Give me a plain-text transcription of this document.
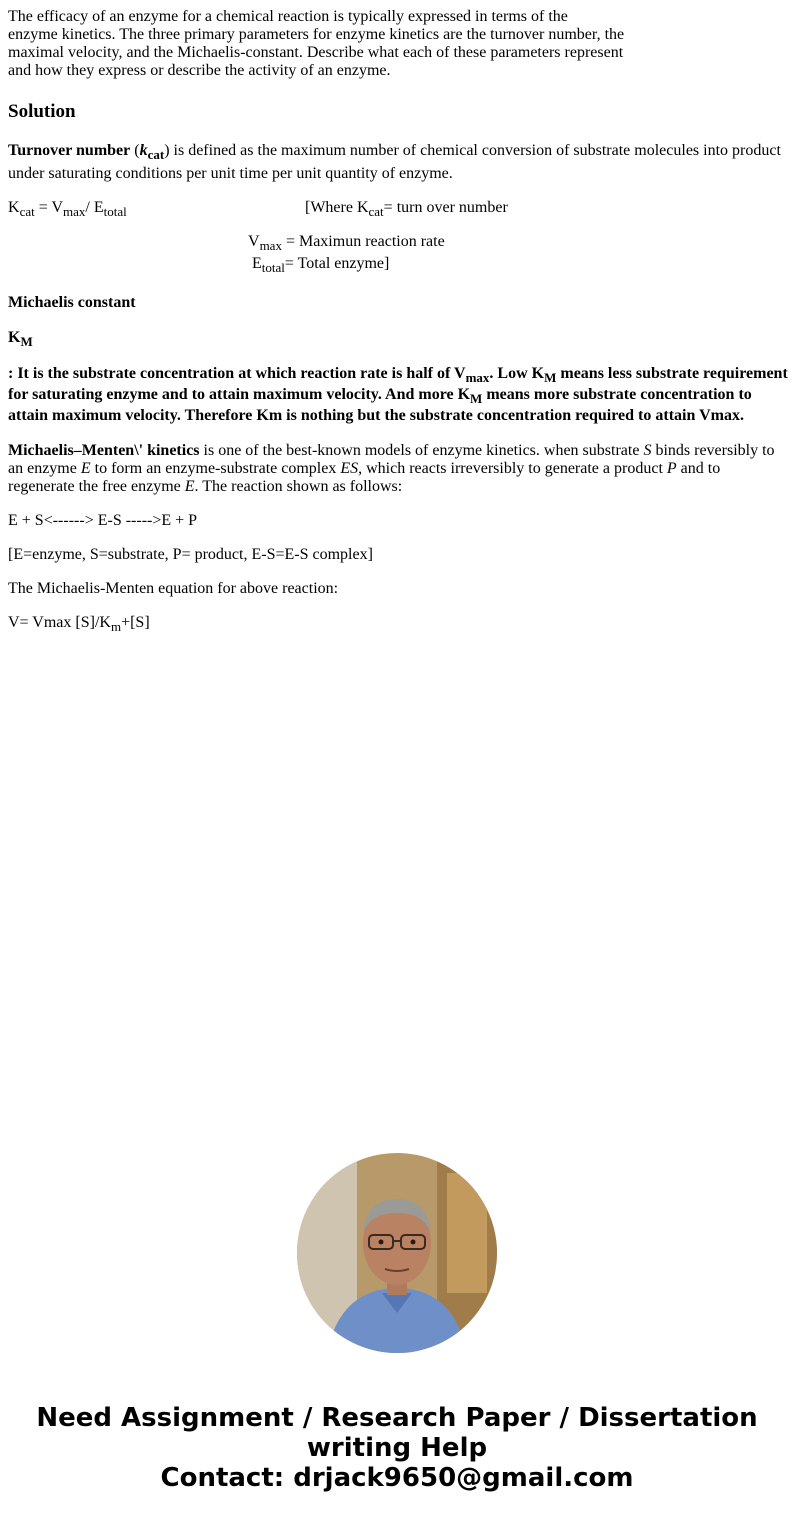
The efficacy of an enzyme for a chemical reaction is typically expressed in terms of the
enzyme kinetics. The three primary parameters for enzyme kinetics are the turnover number, the
maximal velocity, and the Michaelis-constant. Describe what each of these parameters represent
and how they express or describe the activity of an enzyme.

Solution

Turnover number $(k_{cat})$ is defined as the maximum number of chemical conversion of substrate molecules into product under saturating conditions per unit time per unit quantity of enzyme.

$K_{cat} = V_{max}/$ $E_{total}$	[Where $K_{cat}=$ turn over number
$V_{max}$ = Maximun reaction rate
$E_{total}=$ Total enzyme]

Michaelis constant

$K_M$

: It is the substrate concentration at which reaction rate is half of $V_{max}$. Low $K_M$ means less substrate requirement for saturating enzyme and to attain maximum velocity. And more $K_M$ means more substrate concentration to attain maximum velocity. Therefore Km is nothing but the substrate concentration required to attain Vmax.

Michaelis–Menten\' kinetics is one of the best-known models of enzyme kinetics. when substrate S binds reversibly to an enzyme E to form an enzyme-substrate complex ES, which reacts irreversibly to generate a product P and to regenerate the free enzyme E. The reaction shown as follows:

E + S<------> E-S ----->E + P

[E=enzyme, S=substrate, P= product, E-S=E-S complex]

The Michaelis-Menten equation for above reaction:

V= Vmax $[S]/K_m+[S]$

Need Assignment / Research Paper / Dissertation
writing Help
Contact: drjack9650@gmail.com
